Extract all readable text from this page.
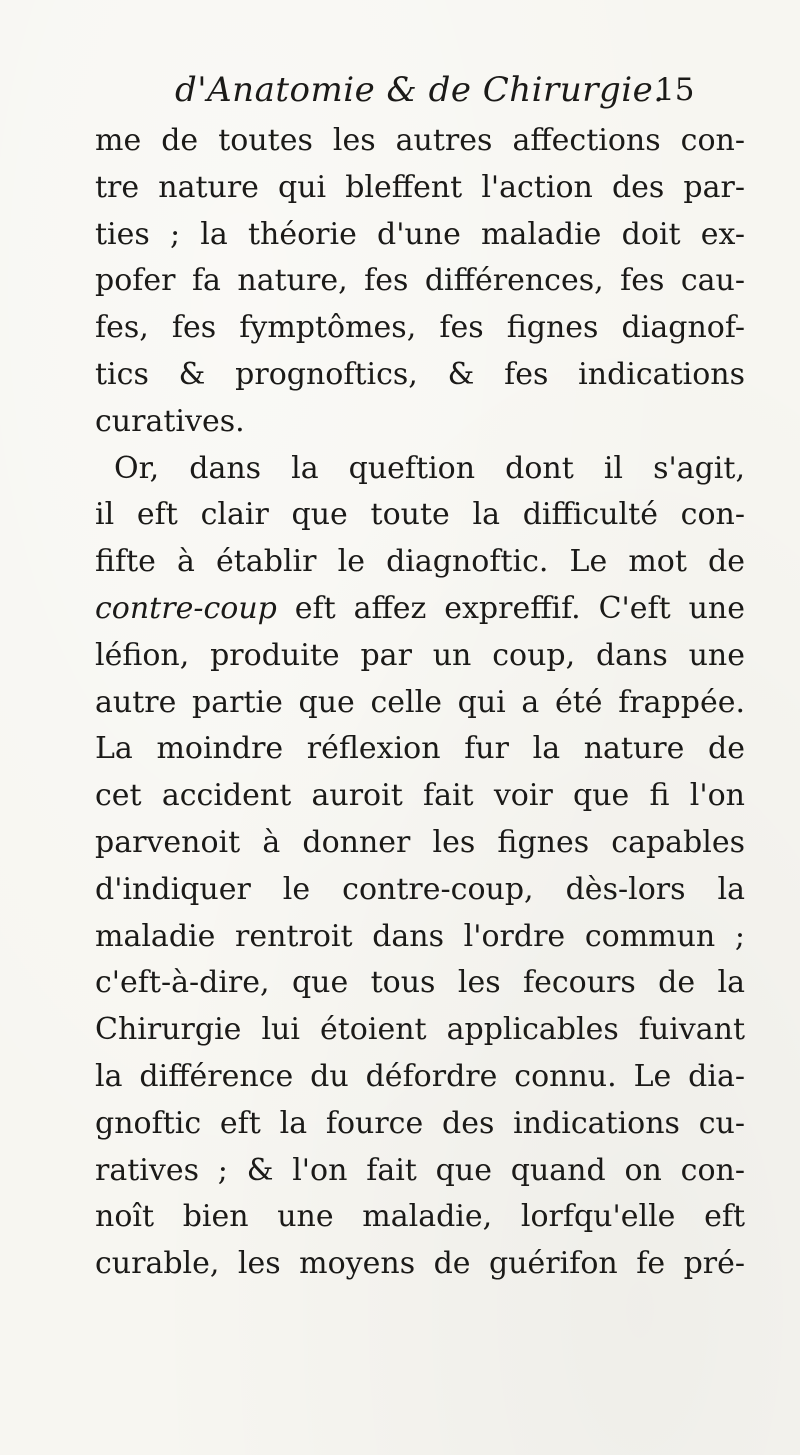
d'Anatomie & de Chirurgie.
15
me de toutes les autres affections con-
tre nature qui bleffent l'action des par-
ties ; la théorie d'une maladie doit ex-
pofer fa nature, fes différences, fes cau-
fes, fes fymptômes, fes fignes diagnof-
tics & prognoftics, & fes indications
curatives.
Or, dans la queftion dont il s'agit,
il eft clair que toute la difficulté con-
fifte à établir le diagnoftic. Le mot de
contre-coup eft affez expreffif. C'eft une
léfion, produite par un coup, dans une
autre partie que celle qui a été frappée.
La moindre réflexion fur la nature de
cet accident auroit fait voir que fi l'on
parvenoit à donner les fignes capables
d'indiquer le contre-coup, dès-lors la
maladie rentroit dans l'ordre commun ;
c'eft-à-dire, que tous les fecours de la
Chirurgie lui étoient applicables fuivant
la différence du défordre connu. Le dia-
gnoftic eft la fource des indications cu-
ratives ; & l'on fait que quand on con-
noît bien une maladie, lorfqu'elle eft
curable, les moyens de guérifon fe pré-
